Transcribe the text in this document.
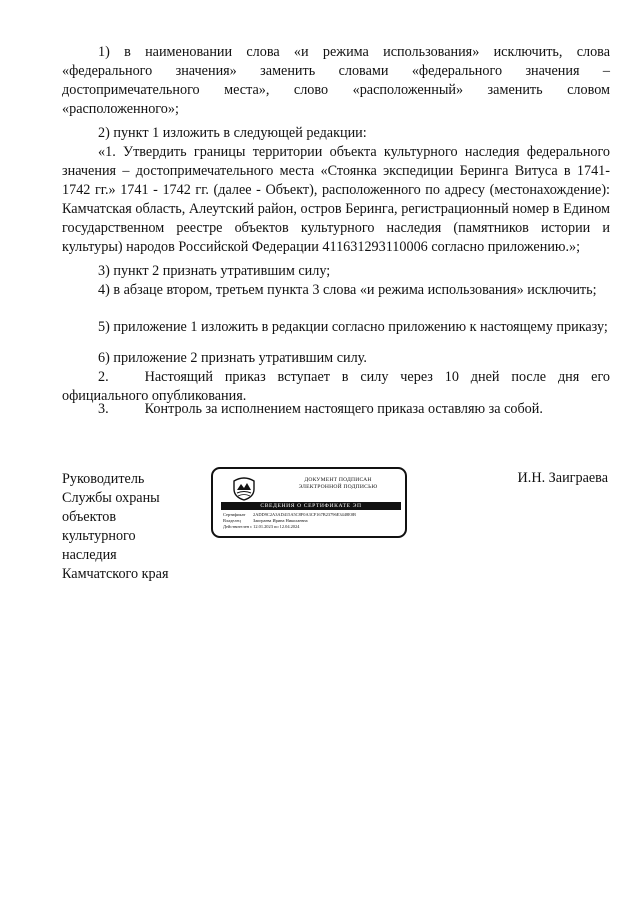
1) в наименовании слова «и режима использования» исключить, слова «федерального значения» заменить словами «федерального значения – достопримечательного места», слово «расположенный» заменить словом «расположенного»;

2) пункт 1 изложить в следующей редакции:

«1. Утвердить границы территории объекта культурного наследия федерального значения – достопримечательного места «Стоянка экспедиции Беринга Витуса в 1741-1742 гг.» 1741 - 1742 гг. (далее - Объект), расположенного по адресу (местонахождение): Камчатская область, Алеутский район, остров Беринга, регистрационный номер в Едином государственном реестре объектов культурного наследия (памятников истории и культуры) народов Российской Федерации 411631293110006 согласно приложению.»;

3) пункт 2 признать утратившим силу;

4) в абзаце втором, третьем пункта 3 слова «и режима использования» исключить;

5) приложение 1 изложить в редакции согласно приложению к настоящему приказу;

6) приложение 2 признать утратившим силу.

2.	Настоящий приказ вступает в силу через 10 дней после дня его официального опубликования.

3.	Контроль за исполнением настоящего приказа оставляю за собой.

Руководитель
Службы охраны
объектов
культурного
наследия
Камчатского края
И.Н. Заиграева
ДОКУМЕНТ ПОДПИСАН
ЭЛЕКТРОННОЙ ПОДПИСЬЮ
СВЕДЕНИЯ О СЕРТИФИКАТЕ ЭП
Сертификат 2ADD9C2A3AD415A5C8F0A3CF167B23796E3448E0B
Владелец	Заиграева Ирина Николаевна
Действителен с 12.01.2023 по 12.04.2024
